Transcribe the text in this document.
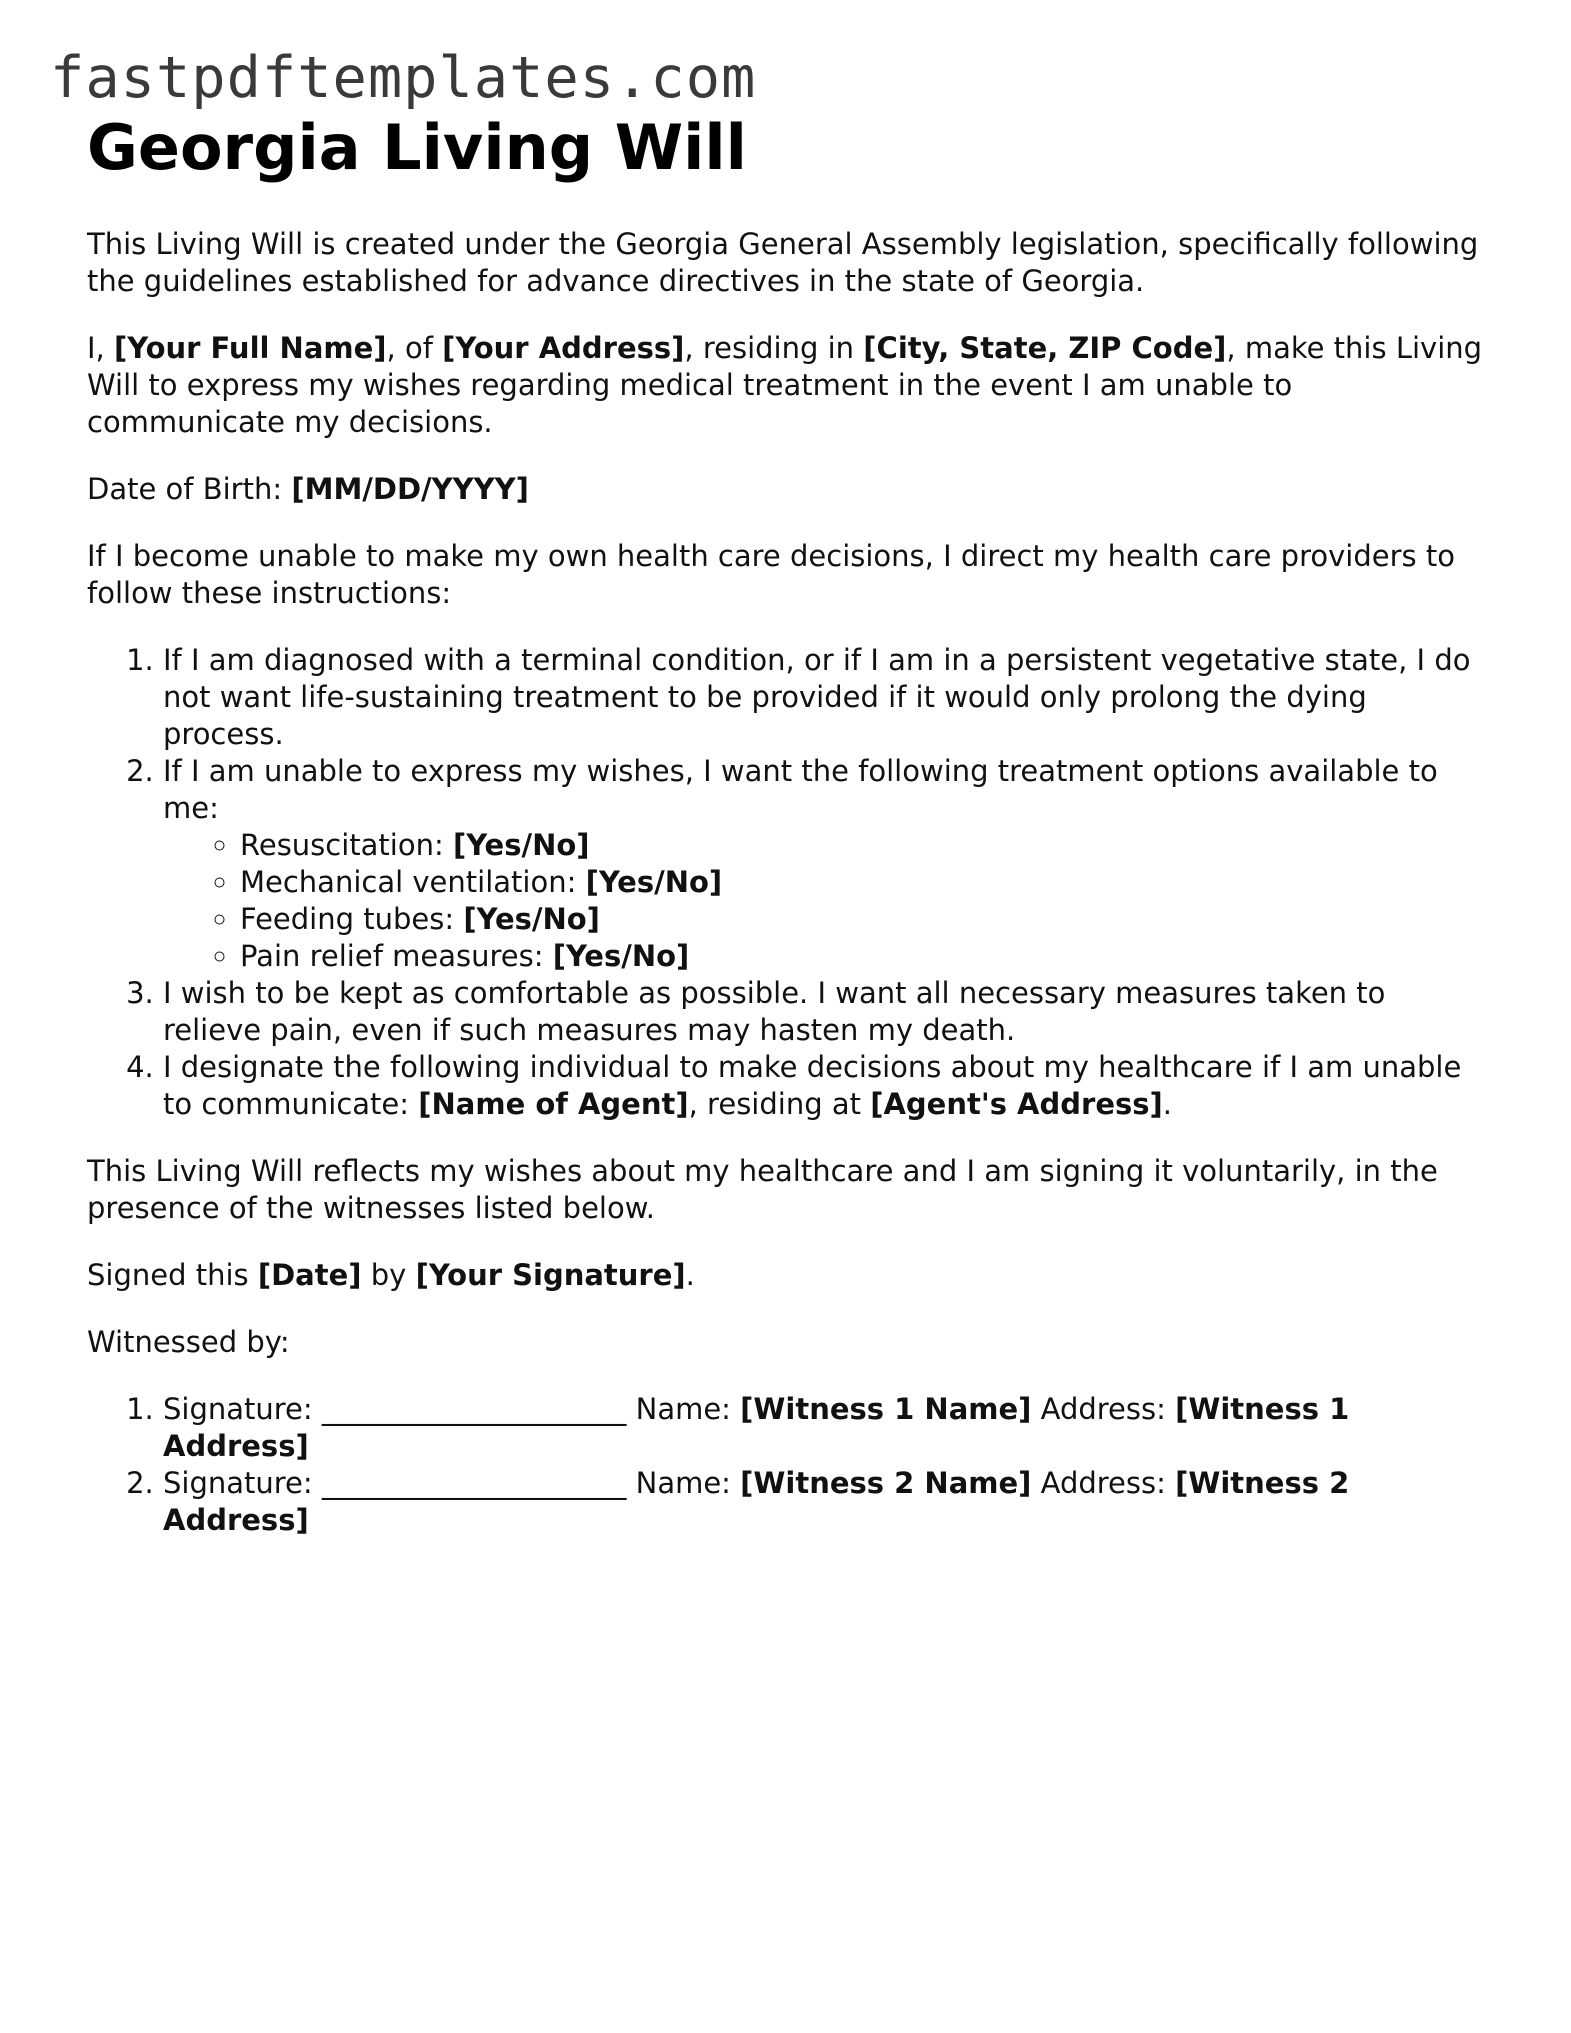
fastpdftemplates.com
Georgia Living Will

This Living Will is created under the Georgia General Assembly legislation, specifically following the guidelines established for advance directives in the state of Georgia.

I, [Your Full Name], of [Your Address], residing in [City, State, ZIP Code], make this Living Will to express my wishes regarding medical treatment in the event I am unable to communicate my decisions.

Date of Birth: [MM/DD/YYYY]

If I become unable to make my own health care decisions, I direct my health care providers to follow these instructions:

1. If I am diagnosed with a terminal condition, or if I am in a persistent vegetative state, I do not want life-sustaining treatment to be provided if it would only prolong the dying process.
2. If I am unable to express my wishes, I want the following treatment options available to me:
◦ Resuscitation: [Yes/No]
◦ Mechanical ventilation: [Yes/No]
◦ Feeding tubes: [Yes/No]
◦ Pain relief measures: [Yes/No]
3. I wish to be kept as comfortable as possible. I want all necessary measures taken to relieve pain, even if such measures may hasten my death.
4. I designate the following individual to make decisions about my healthcare if I am unable to communicate: [Name of Agent], residing at [Agent's Address].

This Living Will reflects my wishes about my healthcare and I am signing it voluntarily, in the presence of the witnesses listed below.

Signed this [Date] by [Your Signature].

Witnessed by:

1. Signature: _____________________ Name: [Witness 1 Name] Address: [Witness 1 Address]
2. Signature: _____________________ Name: [Witness 2 Name] Address: [Witness 2 Address]
